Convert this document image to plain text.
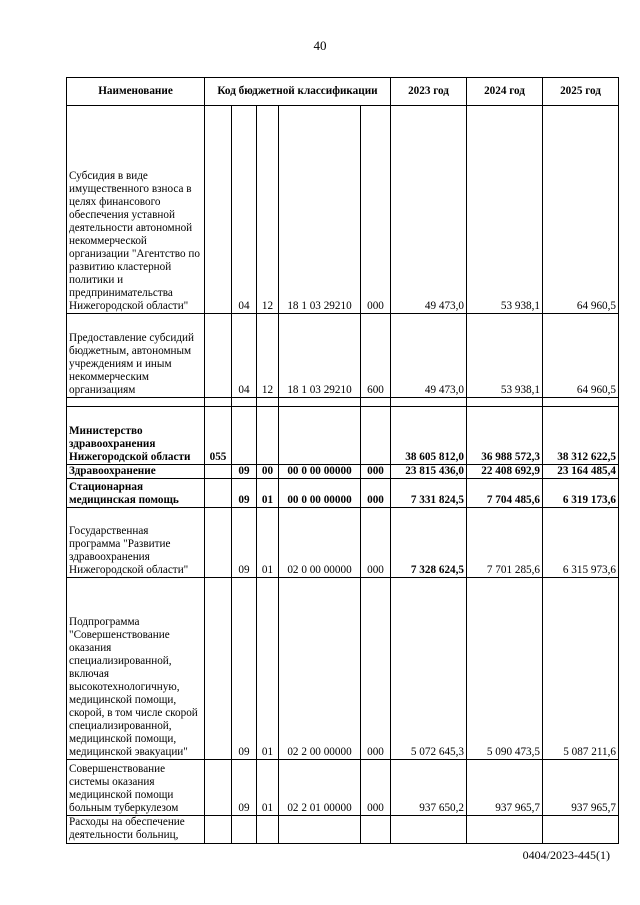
40
Наименование	Код бюджетной классификации					2023 год	2024 год	2025 год
Субсидия в виде имущественного взноса в целях финансового обеспечения уставной деятельности автономной некоммерческой организации "Агентство по развитию кластерной политики и предпринимательства Нижегородской области"		04	12	18 1 03 29210	000	49 473,0	53 938,1	64 960,5
Предоставление субсидий бюджетным, автономным учреждениям и иным некоммерческим организациям		04	12	18 1 03 29210	600	49 473,0	53 938,1	64 960,5

Министерство здравоохранения Нижегородской области	055					38 605 812,0	36 988 572,3	38 312 622,5
Здравоохранение		09	00	00 0 00 00000	000	23 815 436,0	22 408 692,9	23 164 485,4
Стационарная медицинская помощь		09	01	00 0 00 00000	000	7 331 824,5	7 704 485,6	6 319 173,6
Государственная программа "Развитие здравоохранения Нижегородской области"		09	01	02 0 00 00000	000	7 328 624,5	7 701 285,6	6 315 973,6
Подпрограмма "Совершенствование оказания специализированной, включая высокотехнологичную, медицинской помощи, скорой, в том числе скорой специализированной, медицинской помощи, медицинской эвакуации"		09	01	02 2 00 00000	000	5 072 645,3	5 090 473,5	5 087 211,6
Совершенствование системы оказания медицинской помощи больным туберкулезом		09	01	02 2 01 00000	000	937 650,2	937 965,7	937 965,7
Расходы на обеспечение деятельности больниц,								
0404/2023-445(1)
